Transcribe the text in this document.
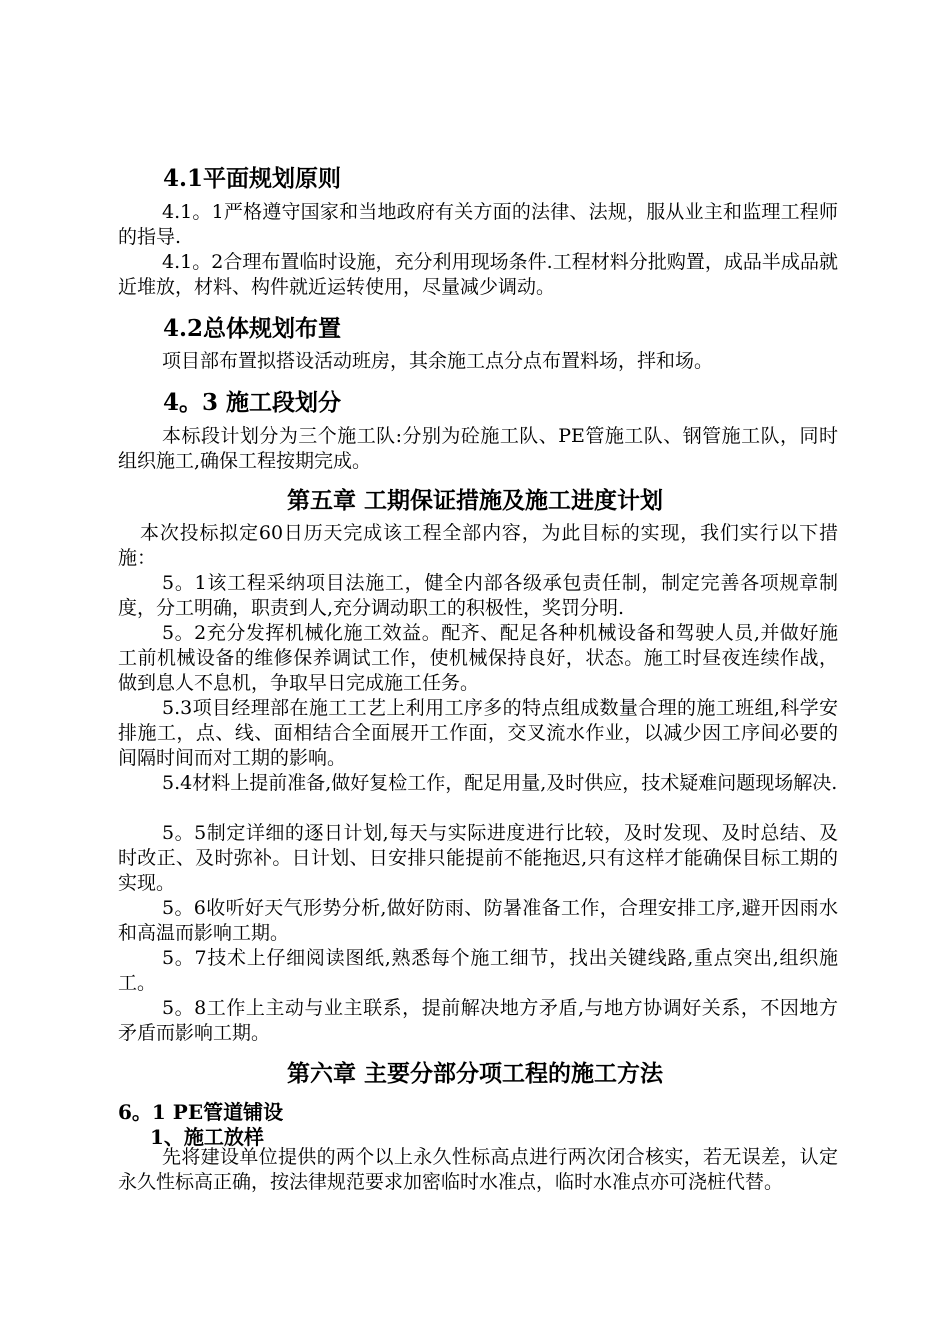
4.1平面规划原则
4.1。1严格遵守国家和当地政府有关方面的法律、法规，服从业主和监理工程师的指导.
4.1。2合理布置临时设施，充分利用现场条件.工程材料分批购置，成品半成品就近堆放，材料、构件就近运转使用，尽量减少调动。
4.2总体规划布置
项目部布置拟搭设活动班房，其余施工点分点布置料场，拌和场。
4。3 施工段划分
本标段计划分为三个施工队:分别为砼施工队、PE管施工队、钢管施工队，同时组织施工,确保工程按期完成。
第五章 工期保证措施及施工进度计划
本次投标拟定60日历天完成该工程全部内容，为此目标的实现，我们实行以下措施：
5。1该工程采纳项目法施工，健全内部各级承包责任制，制定完善各项规章制度，分工明确，职责到人,充分调动职工的积极性，奖罚分明.
5。2充分发挥机械化施工效益。配齐、配足各种机械设备和驾驶人员,并做好施工前机械设备的维修保养调试工作，使机械保持良好，状态。施工时昼夜连续作战，做到息人不息机，争取早日完成施工任务。
5.3项目经理部在施工工艺上利用工序多的特点组成数量合理的施工班组,科学安排施工，点、线、面相结合全面展开工作面，交叉流水作业，以减少因工序间必要的间隔时间而对工期的影响。
5.4材料上提前准备,做好复检工作，配足用量,及时供应，技术疑难问题现场解决.
5。5制定详细的逐日计划,每天与实际进度进行比较，及时发现、及时总结、及时改正、及时弥补。日计划、日安排只能提前不能拖迟,只有这样才能确保目标工期的实现。
5。6收听好天气形势分析,做好防雨、防暑准备工作，合理安排工序,避开因雨水和高温而影响工期。
5。7技术上仔细阅读图纸,熟悉每个施工细节，找出关键线路,重点突出,组织施工。
5。8工作上主动与业主联系，提前解决地方矛盾,与地方协调好关系，不因地方矛盾而影响工期。
第六章 主要分部分项工程的施工方法
6。1 PE管道铺设
1、施工放样
先将建设单位提供的两个以上永久性标高点进行两次闭合核实，若无误差，认定永久性标高正确，按法律规范要求加密临时水准点，临时水准点亦可浇桩代替。
